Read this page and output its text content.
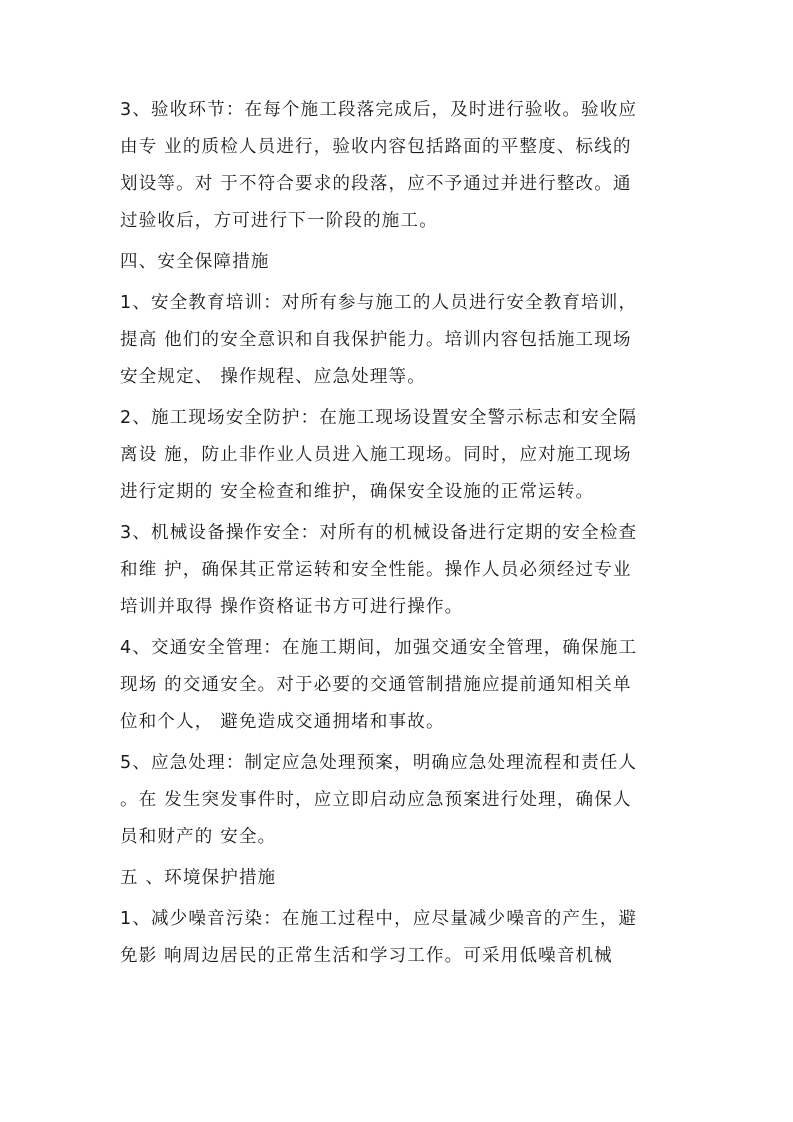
3、验收环节：在每个施工段落完成后，及时进行验收。验收应
由专 业的质检人员进行，验收内容包括路面的平整度、标线的
划设等。对 于不符合要求的段落，应不予通过并进行整改。通
过验收后，方可进行下一阶段的施工。
四、安全保障措施
1、安全教育培训：对所有参与施工的人员进行安全教育培训，
提高 他们的安全意识和自我保护能力。培训内容包括施工现场
安全规定、 操作规程、应急处理等。
2、施工现场安全防护：在施工现场设置安全警示标志和安全隔
离设 施，防止非作业人员进入施工现场。同时，应对施工现场
进行定期的 安全检查和维护，确保安全设施的正常运转。
3、机械设备操作安全：对所有的机械设备进行定期的安全检查
和维 护，确保其正常运转和安全性能。操作人员必须经过专业
培训并取得 操作资格证书方可进行操作。
4、交通安全管理：在施工期间，加强交通安全管理，确保施工
现场 的交通安全。对于必要的交通管制措施应提前通知相关单
位和个人， 避免造成交通拥堵和事故。
5、应急处理：制定应急处理预案，明确应急处理流程和责任人
。在 发生突发事件时，应立即启动应急预案进行处理，确保人
员和财产的 安全。
五 、环境保护措施
1、减少噪音污染：在施工过程中，应尽量减少噪音的产生，避
免影 响周边居民的正常生活和学习工作。可采用低噪音机械
